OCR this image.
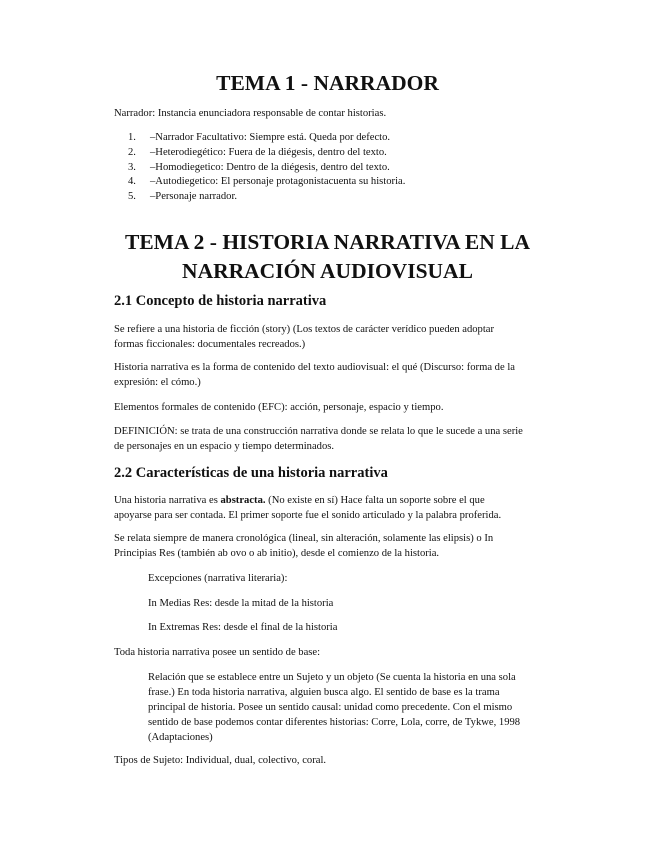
TEMA 1 - NARRADOR

Narrador: Instancia enunciadora responsable de contar historias.

1. –Narrador Facultativo: Siempre está. Queda por defecto.
2. –Heterodiegético: Fuera de la diégesis, dentro del texto.
3. –Homodiegetico: Dentro de la diégesis, dentro del texto.
4. –Autodiegetico: El personaje protagonistacuenta su historia.
5. –Personaje narrador.
TEMA 2 - HISTORIA NARRATIVA EN LA
NARRACIÓN AUDIOVISUAL
2.1 Concepto de historia narrativa

Se refiere a una historia de ficción (story) (Los textos de carácter verídico pueden adoptar

formas ficcionales: documentales recreados.)

Historia narrativa es la forma de contenido del texto audiovisual: el qué (Discurso: forma de la

expresión: el cómo.)

Elementos formales de contenido (EFC): acción, personaje, espacio y tiempo.

DEFINICIÓN: se trata de una construcción narrativa donde se relata lo que le sucede a una serie

de personajes en un espacio y tiempo determinados.

2.2 Características de una historia narrativa

Una historia narrativa es abstracta. (No existe en sí) Hace falta un soporte sobre el que

apoyarse para ser contada. El primer soporte fue el sonido articulado y la palabra proferida.

Se relata siempre de manera cronológica (lineal, sin alteración, solamente las elipsis) o In

Principias Res (también ab ovo o ab initio), desde el comienzo de la historia.

Excepciones (narrativa literaria):

In Medias Res: desde la mitad de la historia

In Extremas Res: desde el final de la historia

Toda historia narrativa posee un sentido de base:

Relación que se establece entre un Sujeto y un objeto (Se cuenta la historia en una sola

frase.) En toda historia narrativa, alguien busca algo. El sentido de base es la trama

principal de historia. Posee un sentido causal: unidad como precedente. Con el mismo

sentido de base podemos contar diferentes historias: Corre, Lola, corre, de Tykwe, 1998

(Adaptaciones)

Tipos de Sujeto: Individual, dual, colectivo, coral.
